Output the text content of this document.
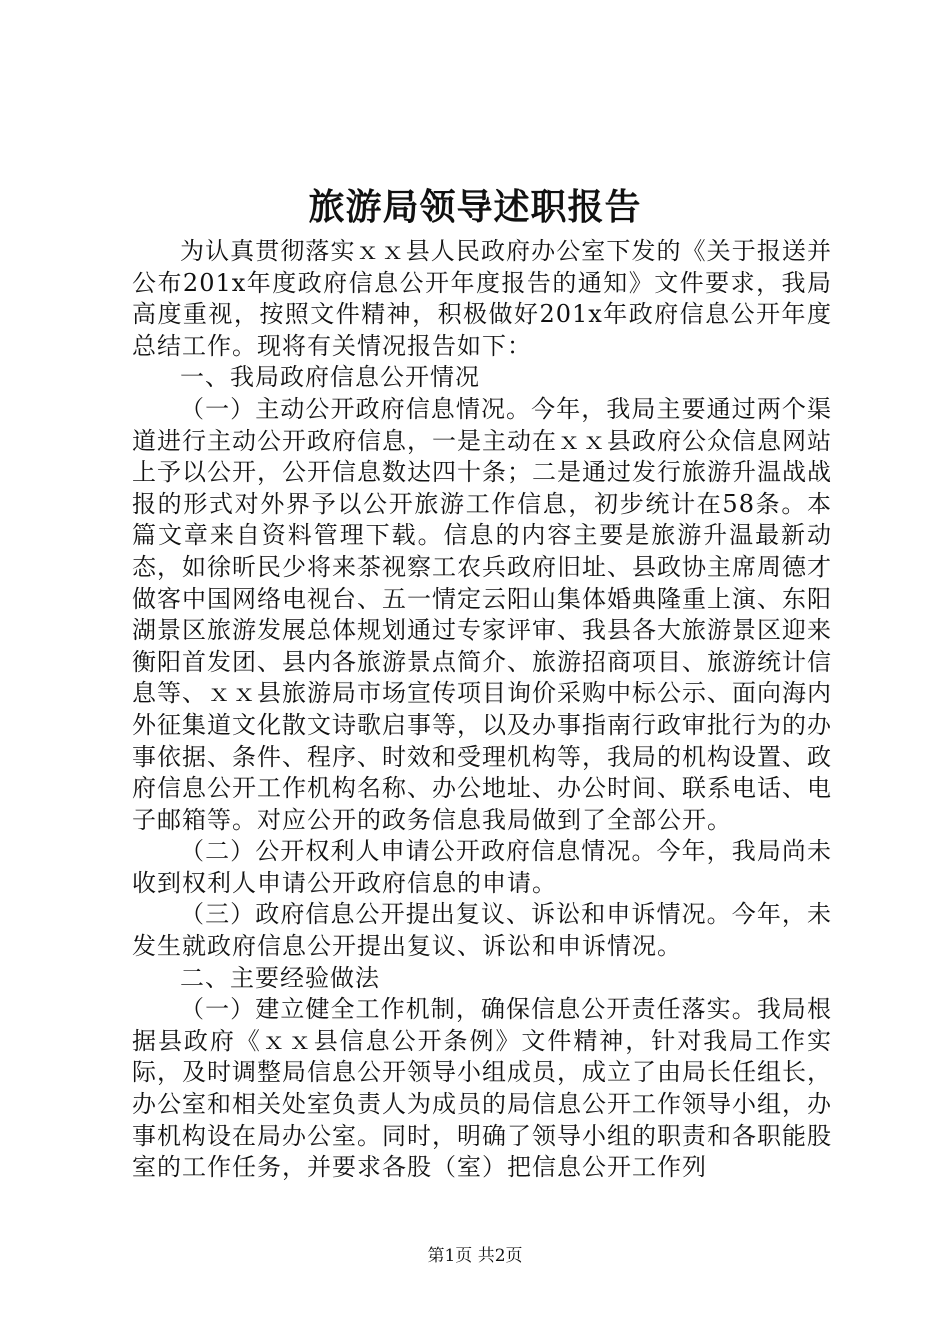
旅游局领导述职报告

为认真贯彻落实ｘｘ县人民政府办公室下发的《关于报送并公布201x年度政府信息公开年度报告的通知》文件要求，我局高度重视，按照文件精神，积极做好201x年政府信息公开年度总结工作。现将有关情况报告如下：

一、我局政府信息公开情况

（一）主动公开政府信息情况。今年，我局主要通过两个渠道进行主动公开政府信息，一是主动在ｘｘ县政府公众信息网站上予以公开，公开信息数达四十条；二是通过发行旅游升温战战报的形式对外界予以公开旅游工作信息，初步统计在58条。本篇文章来自资料管理下载。信息的内容主要是旅游升温最新动态，如徐昕民少将来茶视察工农兵政府旧址、县政协主席周德才做客中国网络电视台、五一情定云阳山集体婚典隆重上演、东阳湖景区旅游发展总体规划通过专家评审、我县各大旅游景区迎来衡阳首发团、县内各旅游景点简介、旅游招商项目、旅游统计信息等、ｘｘ县旅游局市场宣传项目询价采购中标公示、面向海内外征集道文化散文诗歌启事等，以及办事指南行政审批行为的办事依据、条件、程序、时效和受理机构等，我局的机构设置、政府信息公开工作机构名称、办公地址、办公时间、联系电话、电子邮箱等。对应公开的政务信息我局做到了全部公开。

（二）公开权利人申请公开政府信息情况。今年，我局尚未收到权利人申请公开政府信息的申请。

（三）政府信息公开提出复议、诉讼和申诉情况。今年，未发生就政府信息公开提出复议、诉讼和申诉情况。

二、主要经验做法

（一）建立健全工作机制，确保信息公开责任落实。我局根据县政府《ｘｘ县信息公开条例》文件精神，针对我局工作实际，及时调整局信息公开领导小组成员，成立了由局长任组长，办公室和相关处室负责人为成员的局信息公开工作领导小组，办事机构设在局办公室。同时，明确了领导小组的职责和各职能股室的工作任务，并要求各股（室）把信息公开工作列

第1页 共2页
